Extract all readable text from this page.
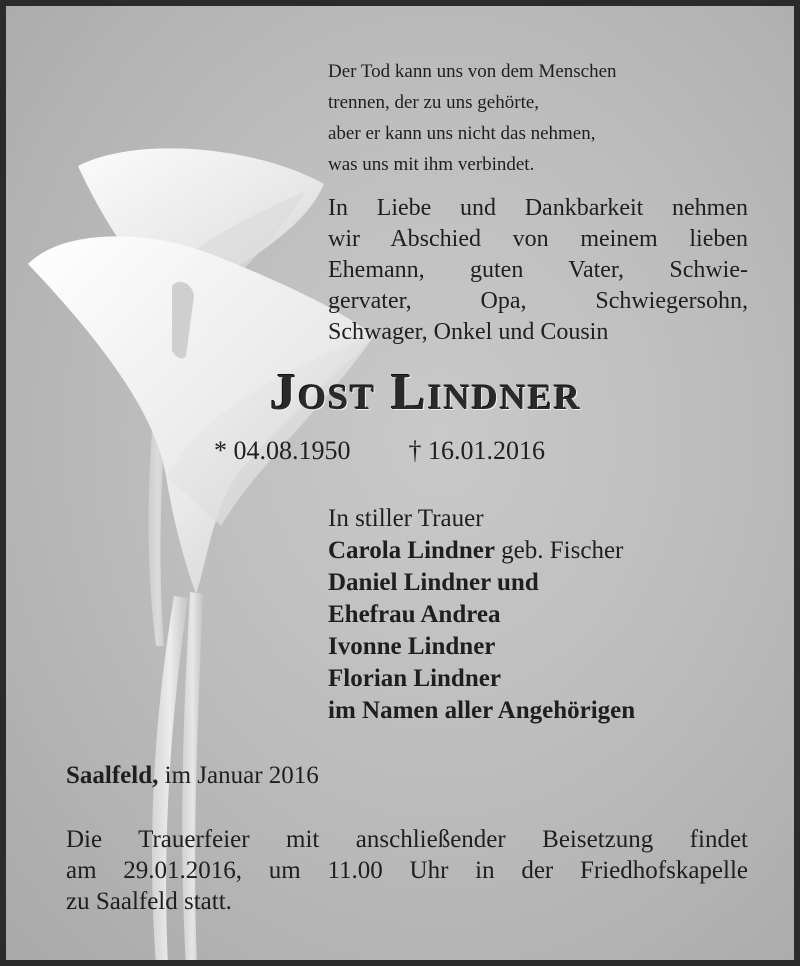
Der Tod kann uns von dem Menschen
trennen, der zu uns gehörte,
aber er kann uns nicht das nehmen,
was uns mit ihm verbindet.
In Liebe und Dankbarkeit nehmen
wir Abschied von meinem lieben
Ehemann, guten Vater, Schwie-
gervater, Opa, Schwiegersohn,
Schwager, Onkel und Cousin
Jost Lindner
* 04.08.1950 † 16.01.2016
In stiller Trauer
Carola Lindner geb. Fischer
Daniel Lindner und
Ehefrau Andrea
Ivonne Lindner
Florian Lindner
im Namen aller Angehörigen
Saalfeld, im Januar 2016
Die Trauerfeier mit anschließender Beisetzung findet
am 29.01.2016, um 11.00 Uhr in der Friedhofskapelle
zu Saalfeld statt.
